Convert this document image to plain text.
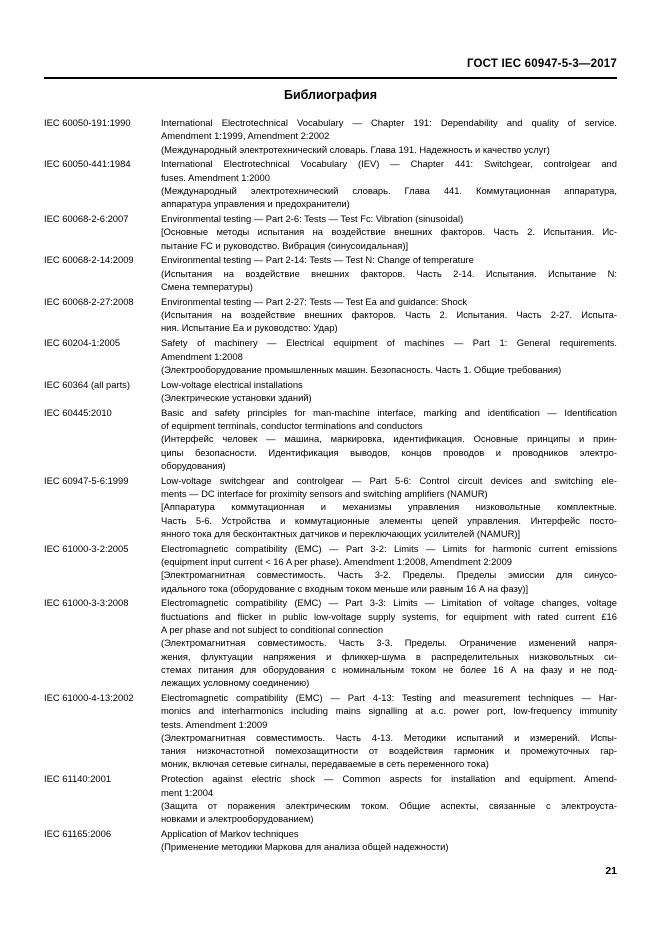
ГОСТ IEC 60947-5-3—2017
Библиография
IEC 60050-191:1990	International Electrotechnical Vocabulary — Chapter 191: Dependability and quality of service.
Amendment 1:1999, Amendment 2:2002
(Международный электротехнический словарь. Глава 191. Надежность и качество услуг)
IEC 60050-441:1984	International Electrotechnical Vocabulary (IEV) — Chapter 441: Switchgear, controlgear and
fuses. Amendment 1:2000
(Международный электротехнический словарь. Глава 441. Коммутационная аппаратура,
аппаратура управления и предохранители)
IEC 60068-2-6:2007	Environmental testing — Part 2-6: Tests — Test Fc: Vibration (sinusoidal)
[Основные методы испытания на воздействие внешних факторов. Часть 2. Испытания. Ис-
пытание FC и руководство. Вибрация (синусоидальная)]
IEC 60068-2-14:2009	Environmental testing — Part 2-14: Tests — Test N: Change of temperature
(Испытания на воздействие внешних факторов. Часть 2-14. Испытания. Испытание N:
Смена температуры)
IEC 60068-2-27:2008	Environmental testing — Part 2-27: Tests — Test Ea and guidance: Shock
(Испытания на воздействие внешних факторов. Часть 2. Испытания. Часть 2-27. Испыта-
ния. Испытание Ea и руководство: Удар)
IEC 60204-1:2005	Safety of machinery — Electrical equipment of machines — Part 1: General requirements.
Amendment 1:2008
(Электрооборудование промышленных машин. Безопасность. Часть 1. Общие требования)
IEC 60364 (all parts)	Low-voltage electrical installations
(Электрические установки зданий)
IEC 60445:2010	Basic and safety principles for man-machine interface, marking and identification — Identification
of equipment terminals, conductor terminations and conductors
(Интерфейс человек — машина, маркировка, идентификация. Основные принципы и прин-
ципы безопасности. Идентификация выводов, концов проводов и проводников электро-
оборудования)
IEC 60947-5-6:1999	Low-voltage switchgear and controlgear — Part 5-6: Control circuit devices and switching ele-
ments — DC interface for proximity sensors and switching amplifiers (NAMUR)
[Аппаратура коммутационная и механизмы управления низковольтные комплектные.
Часть 5-6. Устройства и коммутационные элементы цепей управления. Интерфейс посто-
янного тока для бесконтактных датчиков и переключающих усилителей (NAMUR)]
IEC 61000-3-2:2005	Electromagnetic compatibility (EMC) — Part 3-2: Limits — Limits for harmonic current emissions
(equipment input current < 16 A per phase). Amendment 1:2008, Amendment 2:2009
[Электромагнитная совместимость. Часть 3-2. Пределы. Пределы эмиссии для синусо-
идального тока (оборудование с входным током меньше или равным 16 А на фазу)]
IEC 61000-3-3:2008	Electromagnetic compatibility (EMC) — Part 3-3: Limits — Limitation of voltage changes, voltage
fluctuations and flicker in public low-voltage supply systems, for equipment with rated current £16
A per phase and not subject to conditional connection
(Электромагнитная совместимость. Часть 3-3. Пределы. Ограничение изменений напря-
жения, флуктуации напряжения и фликкер-шума в распределительных низковольтных си-
стемах питания для оборудования с номинальным током не более 16 А на фазу и не под-
лежащих условному соединению)
IEC 61000-4-13:2002	Electromagnetic compatibility (EMC) — Part 4-13: Testing and measurement techniques — Har-
monics and interharmonics including mains signalling at a.c. power port, low-frequency immunity
tests. Amendment 1:2009
(Электромагнитная совместимость. Часть 4-13. Методики испытаний и измерений. Испы-
тания низкочастотной помехозащитности от воздействия гармоник и промежуточных гар-
моник, включая сетевые сигналы, передаваемые в сеть переменного тока)
IEC 61140:2001	Protection against electric shock — Common aspects for installation and equipment. Amend-
ment 1:2004
(Защита от поражения электрическим током. Общие аспекты, связанные с электроуста-
новками и электрооборудованием)
IEC 61165:2006	Application of Markov techniques
(Применение методики Маркова для анализа общей надежности)
21
